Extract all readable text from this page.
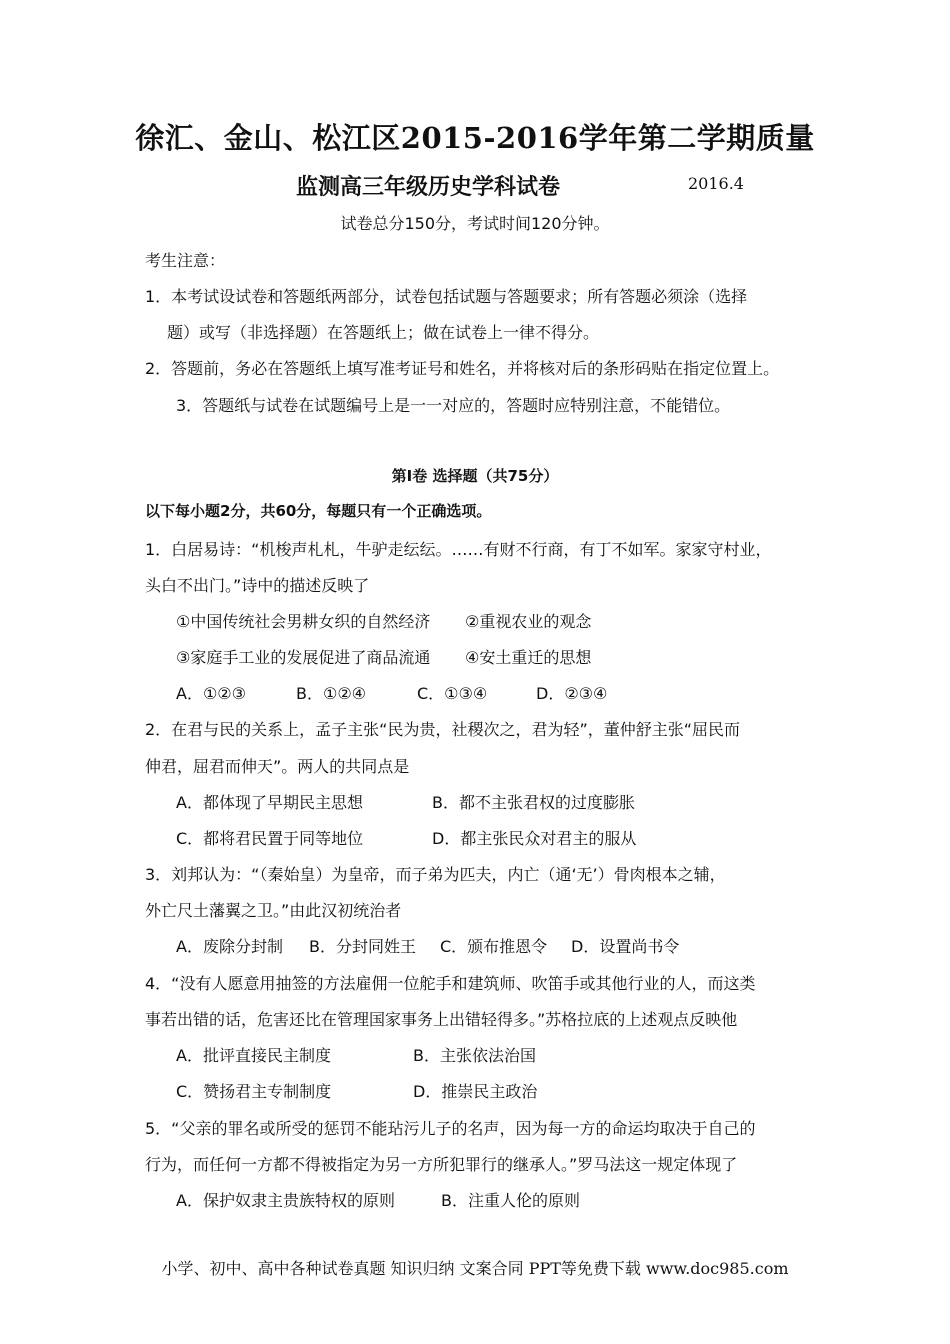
徐汇、金山、松江区2015-2016学年第二学期质量
监测高三年级历史学科试卷	2016.4
试卷总分150分，考试时间120分钟。
考生注意：
1．本考试设试卷和答题纸两部分，试卷包括试题与答题要求；所有答题必须涂（选择
题）或写（非选择题）在答题纸上；做在试卷上一律不得分。
2．答题前，务必在答题纸上填写准考证号和姓名，并将核对后的条形码贴在指定位置上。
3．答题纸与试卷在试题编号上是一一对应的，答题时应特别注意，不能错位。
第Ⅰ卷 选择题（共75分）
以下每小题2分，共60分，每题只有一个正确选项。
1．白居易诗：“机梭声札札，牛驴走纭纭。……有财不行商，有丁不如军。家家守村业，
头白不出门。”诗中的描述反映了
①中国传统社会男耕女织的自然经济 ②重视农业的观念
③家庭手工业的发展促进了商品流通 ④安土重迁的思想
A．①②③	B．①②④	C．①③④	D．②③④
2．在君与民的关系上，孟子主张“民为贵，社稷次之，君为轻”，董仲舒主张“屈民而
伸君，屈君而伸天”。两人的共同点是
A．都体现了早期民主思想	B．都不主张君权的过度膨胀
C．都将君民置于同等地位	D．都主张民众对君主的服从
3．刘邦认为：“（秦始皇）为皇帝，而子弟为匹夫，内亡（通‘无’）骨肉根本之辅，
外亡尺土藩翼之卫。”由此汉初统治者
A．废除分封制 B．分封同姓王 C．颁布推恩令 D．设置尚书令
4．“没有人愿意用抽签的方法雇佣一位舵手和建筑师、吹笛手或其他行业的人，而这类
事若出错的话，危害还比在管理国家事务上出错轻得多。”苏格拉底的上述观点反映他
A．批评直接民主制度	B．主张依法治国
C．赞扬君主专制制度	D．推崇民主政治
5．“父亲的罪名或所受的惩罚不能玷污儿子的名声，因为每一方的命运均取决于自己的
行为，而任何一方都不得被指定为另一方所犯罪行的继承人。”罗马法这一规定体现了
A．保护奴隶主贵族特权的原则	B．注重人伦的原则
小学、初中、高中各种试卷真题 知识归纳 文案合同 PPT等免费下载 www.doc985.com
